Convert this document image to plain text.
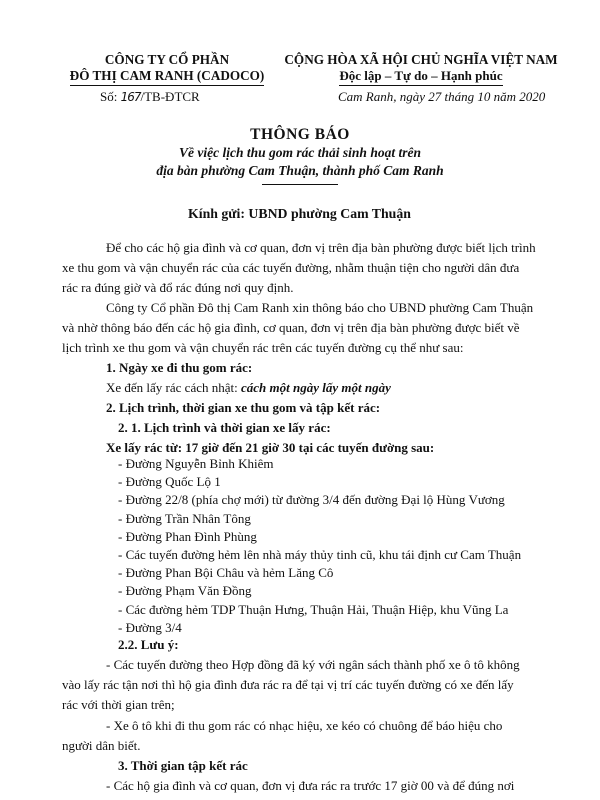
CÔNG TY CỔ PHẦN
ĐÔ THỊ CAM RANH (CADOCO)
CỘNG HÒA XÃ HỘI CHỦ NGHĨA VIỆT NAM
Độc lập – Tự do – Hạnh phúc
Số: 167/TB-ĐTCR	Cam Ranh, ngày 27 tháng 10 năm 2020
THÔNG BÁO
Về việc lịch thu gom rác thải sinh hoạt trên
địa bàn phường Cam Thuận, thành phố Cam Ranh
Kính gửi: UBND phường Cam Thuận
Để cho các hộ gia đình và cơ quan, đơn vị trên địa bàn phường được biết lịch trình
xe thu gom và vận chuyển rác của các tuyến đường, nhằm thuận tiện cho người dân đưa
rác ra đúng giờ và đổ rác đúng nơi quy định.
Công ty Cổ phần Đô thị Cam Ranh xin thông báo cho UBND phường Cam Thuận
và nhờ thông báo đến các hộ gia đình, cơ quan, đơn vị trên địa bàn phường được biết về
lịch trình xe thu gom và vận chuyển rác trên các tuyến đường cụ thể như sau:
1. Ngày xe đi thu gom rác:
Xe đến lấy rác cách nhật: cách một ngày lấy một ngày
2. Lịch trình, thời gian xe thu gom và tập kết rác:
2. 1. Lịch trình và thời gian xe lấy rác:
Xe lấy rác từ: 17 giờ đến 21 giờ 30 tại các tuyến đường sau:
- Đường Nguyễn Bỉnh Khiêm
- Đường Quốc Lộ 1
- Đường 22/8 (phía chợ mới) từ đường 3/4 đến đường Đại lộ Hùng Vương
- Đường Trần Nhân Tông
- Đường Phan Đình Phùng
- Các tuyến đường hẻm lên nhà máy thủy tinh cũ, khu tái định cư Cam Thuận
- Đường Phan Bội Châu và hẻm Lăng Cô
- Đường Phạm Văn Đồng
- Các đường hẻm TDP Thuận Hưng, Thuận Hải, Thuận Hiệp, khu Vũng La
- Đường 3/4
2.2. Lưu ý:
- Các tuyến đường theo Hợp đồng đã ký với ngân sách thành phố xe ô tô không
vào lấy rác tận nơi thì hộ gia đình đưa rác ra để tại vị trí các tuyến đường có xe đến lấy
rác với thời gian trên;
- Xe ô tô khi đi thu gom rác có nhạc hiệu, xe kéo có chuông để báo hiệu cho
người dân biết.
3. Thời gian tập kết rác
- Các hộ gia đình và cơ quan, đơn vị đưa rác ra trước 17 giờ 00 và để đúng nơi
